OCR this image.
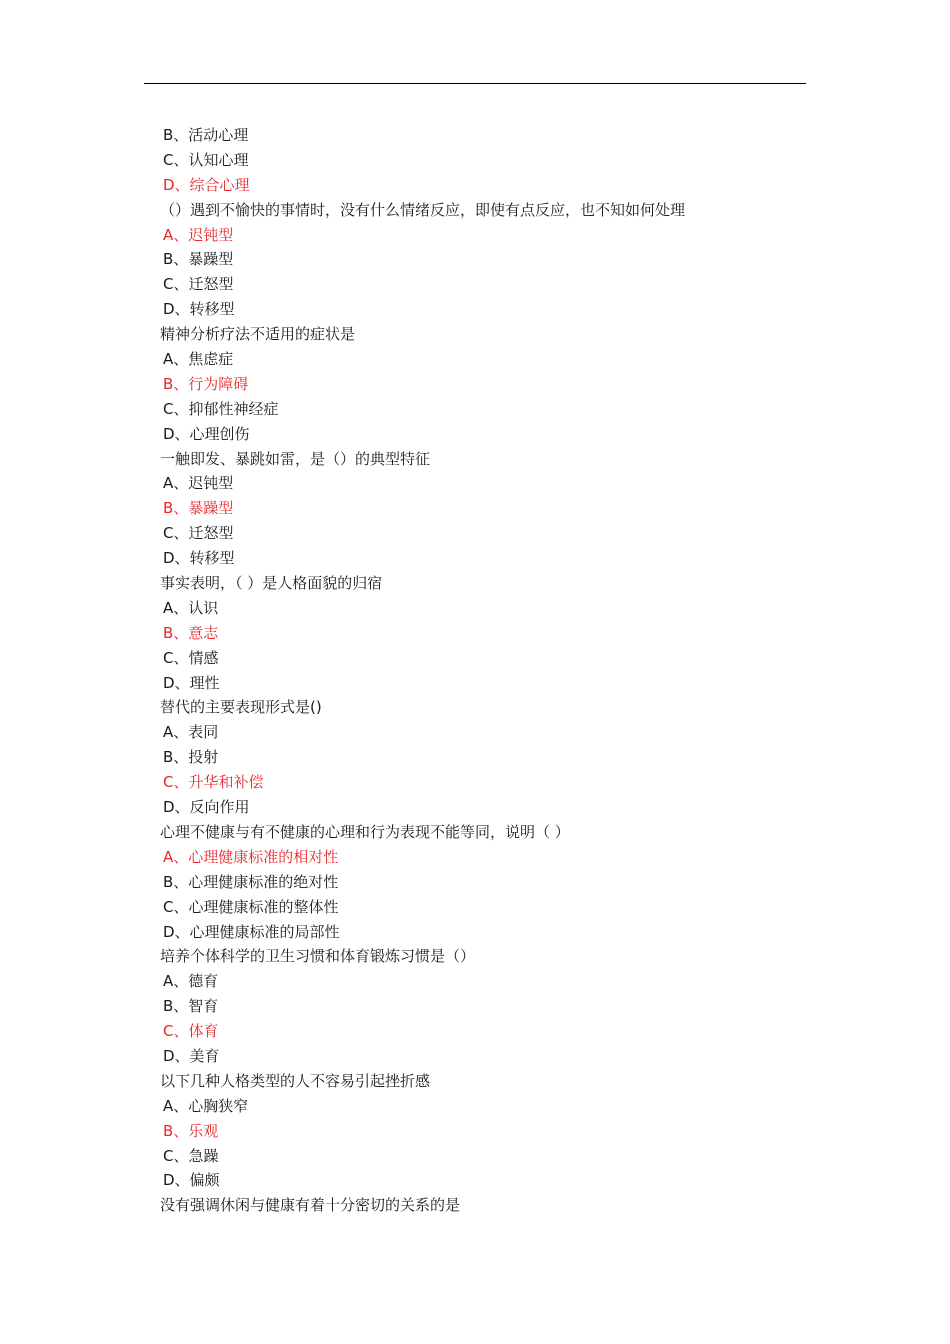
B、活动心理
C、认知心理
D、综合心理
（）遇到不愉快的事情时，没有什么情绪反应，即使有点反应，也不知如何处理
A、迟钝型
B、暴躁型
C、迁怒型
D、转移型
精神分析疗法不适用的症状是
A、焦虑症
B、行为障碍
C、抑郁性神经症
D、心理创伤
一触即发、暴跳如雷，是（）的典型特征
A、迟钝型
B、暴躁型
C、迁怒型
D、转移型
事实表明，（ ）是人格面貌的归宿
A、认识
B、意志
C、情感
D、理性
替代的主要表现形式是()
A、表同
B、投射
C、升华和补偿
D、反向作用
心理不健康与有不健康的心理和行为表现不能等同，说明（ ）
A、心理健康标准的相对性
B、心理健康标准的绝对性
C、心理健康标准的整体性
D、心理健康标准的局部性
培养个体科学的卫生习惯和体育锻炼习惯是（）
A、德育
B、智育
C、体育
D、美育
以下几种人格类型的人不容易引起挫折感
A、心胸狭窄
B、乐观
C、急躁
D、偏颇
没有强调休闲与健康有着十分密切的关系的是
